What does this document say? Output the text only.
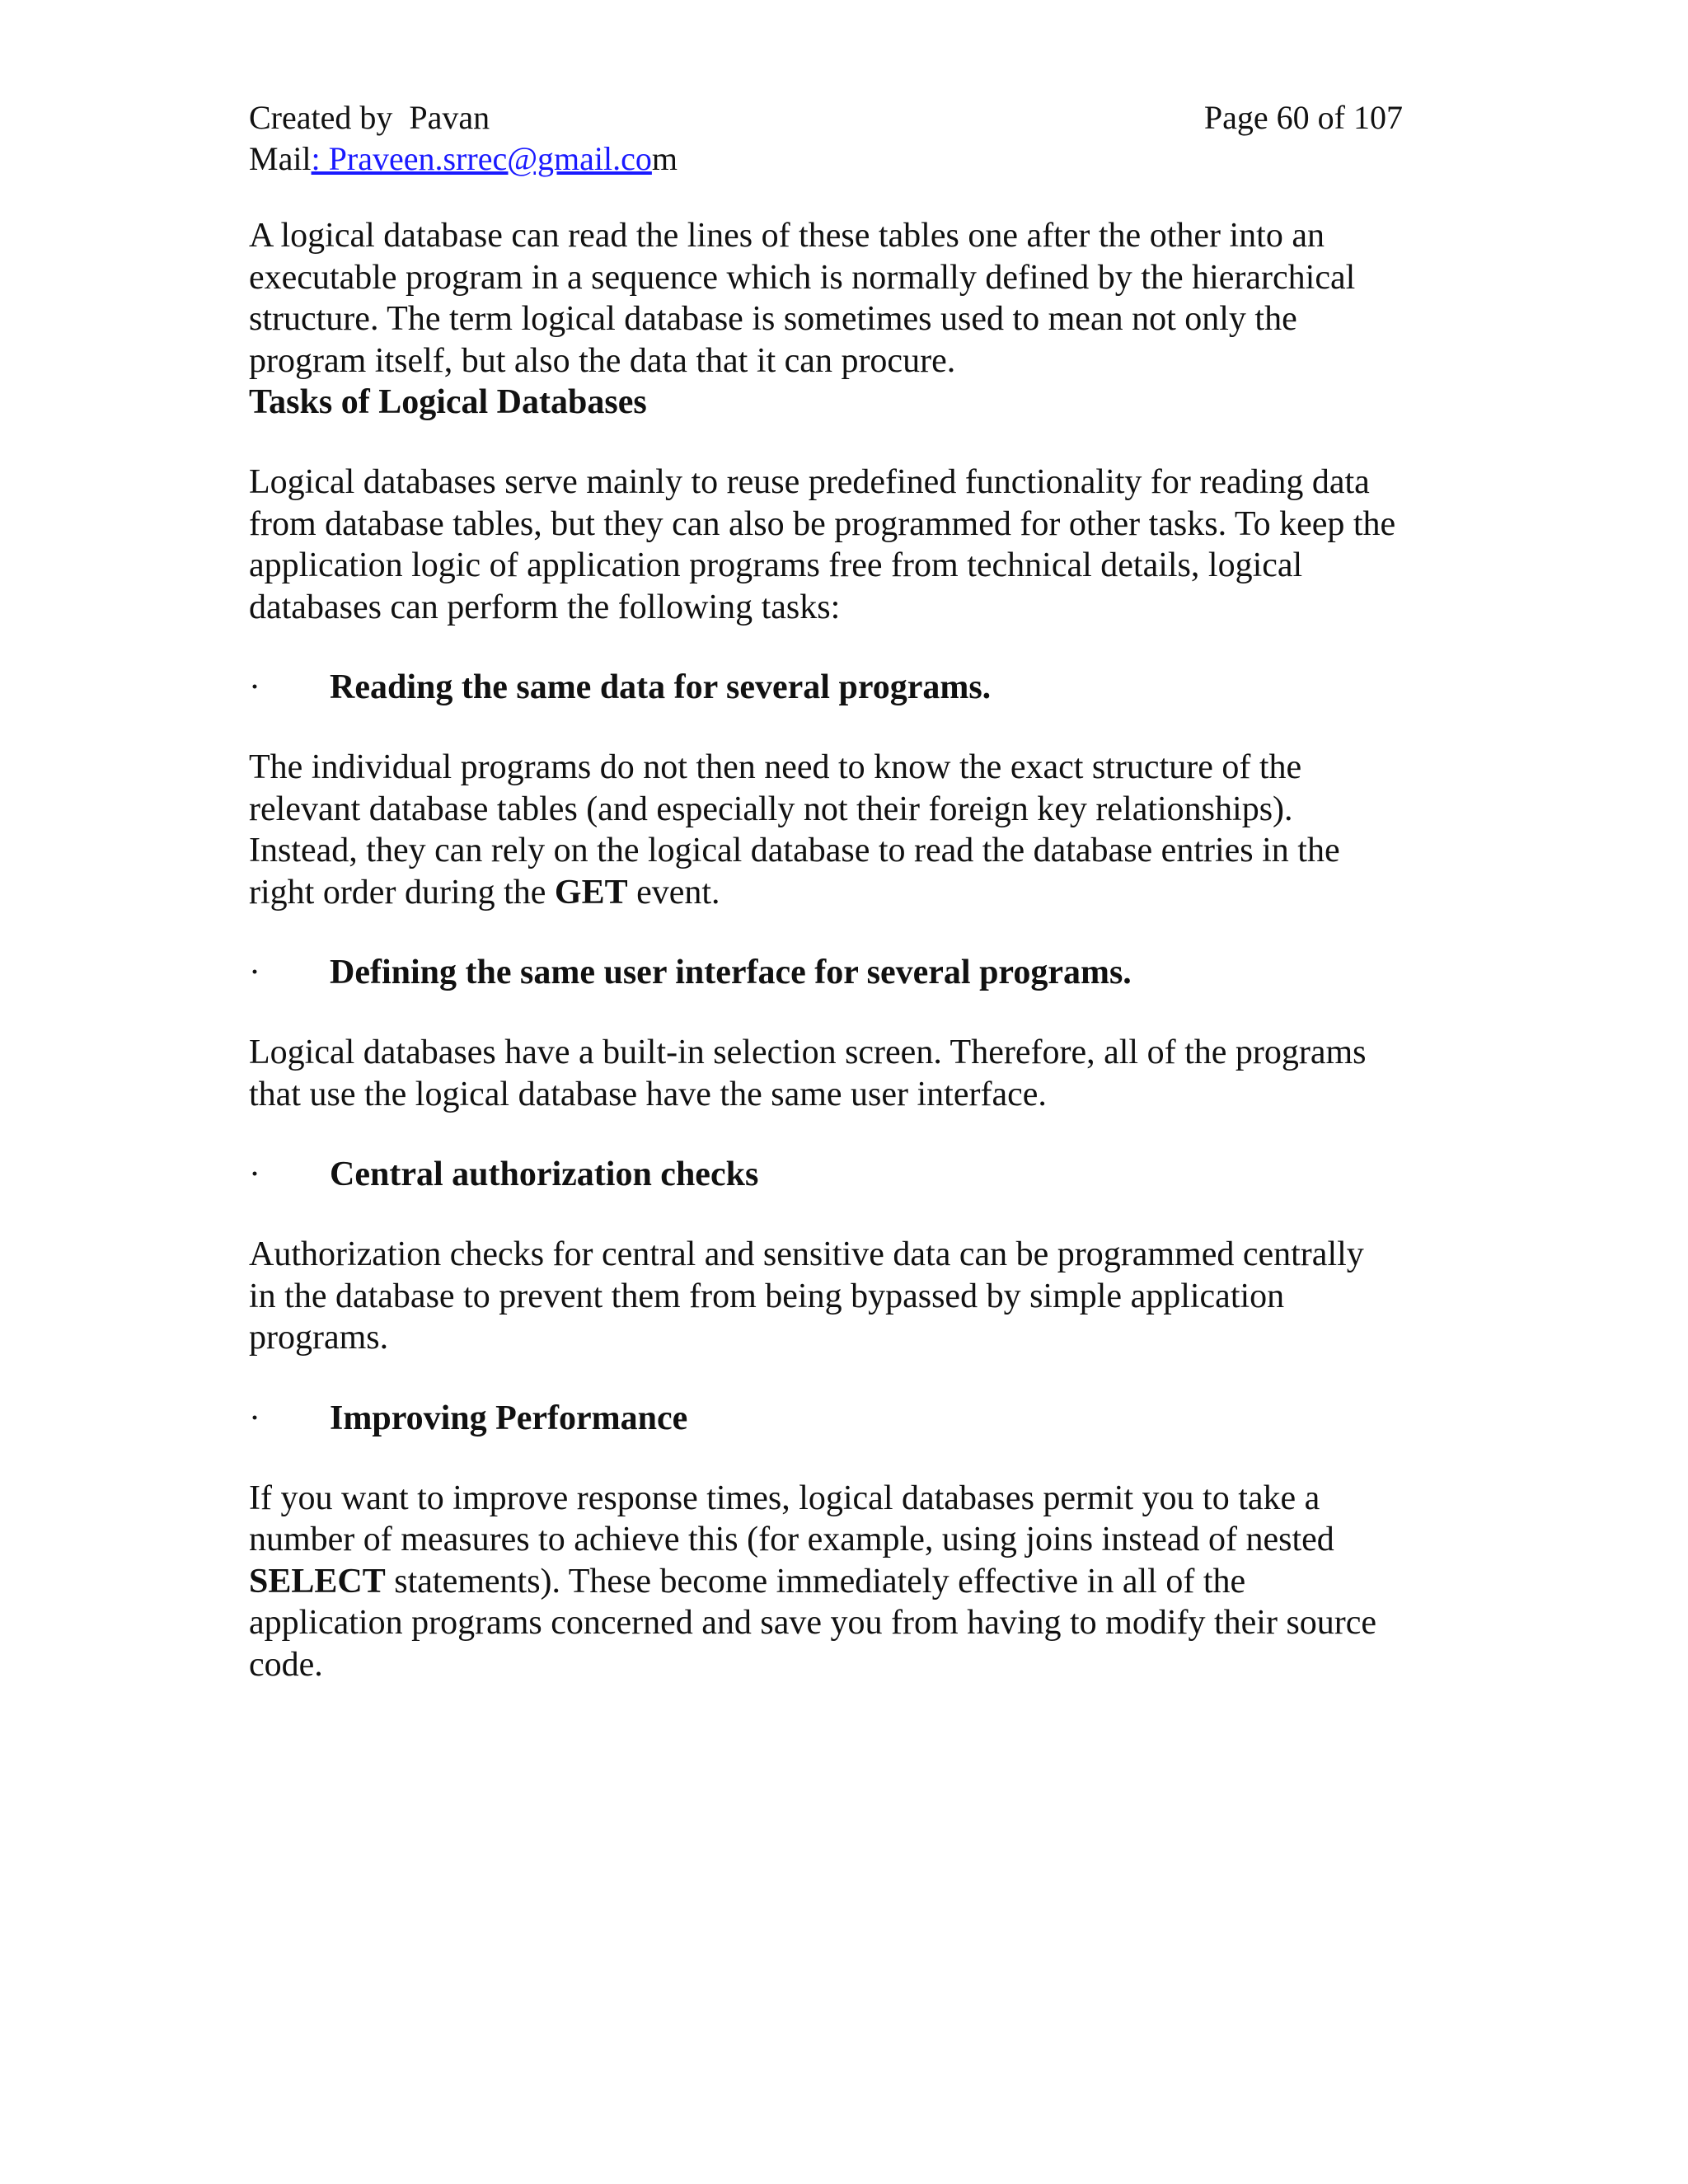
Created by  Pavan	Page 60 of 107
Mail: Praveen.srrec@gmail.com

A logical database can read the lines of these tables one after the other into an
executable program in a sequence which is normally defined by the hierarchical
structure. The term logical database is sometimes used to mean not only the
program itself, but also the data that it can procure.

Tasks of Logical Databases

Logical databases serve mainly to reuse predefined functionality for reading data
from database tables, but they can also be programmed for other tasks. To keep the
application logic of application programs free from technical details, logical
databases can perform the following tasks:

·	Reading the same data for several programs.

The individual programs do not then need to know the exact structure of the
relevant database tables (and especially not their foreign key relationships).
Instead, they can rely on the logical database to read the database entries in the
right order during the GET event.

·	Defining the same user interface for several programs.

Logical databases have a built-in selection screen. Therefore, all of the programs
that use the logical database have the same user interface.

·	Central authorization checks

Authorization checks for central and sensitive data can be programmed centrally
in the database to prevent them from being bypassed by simple application
programs.

·	Improving Performance

If you want to improve response times, logical databases permit you to take a
number of measures to achieve this (for example, using joins instead of nested
SELECT statements). These become immediately effective in all of the
application programs concerned and save you from having to modify their source
code.
